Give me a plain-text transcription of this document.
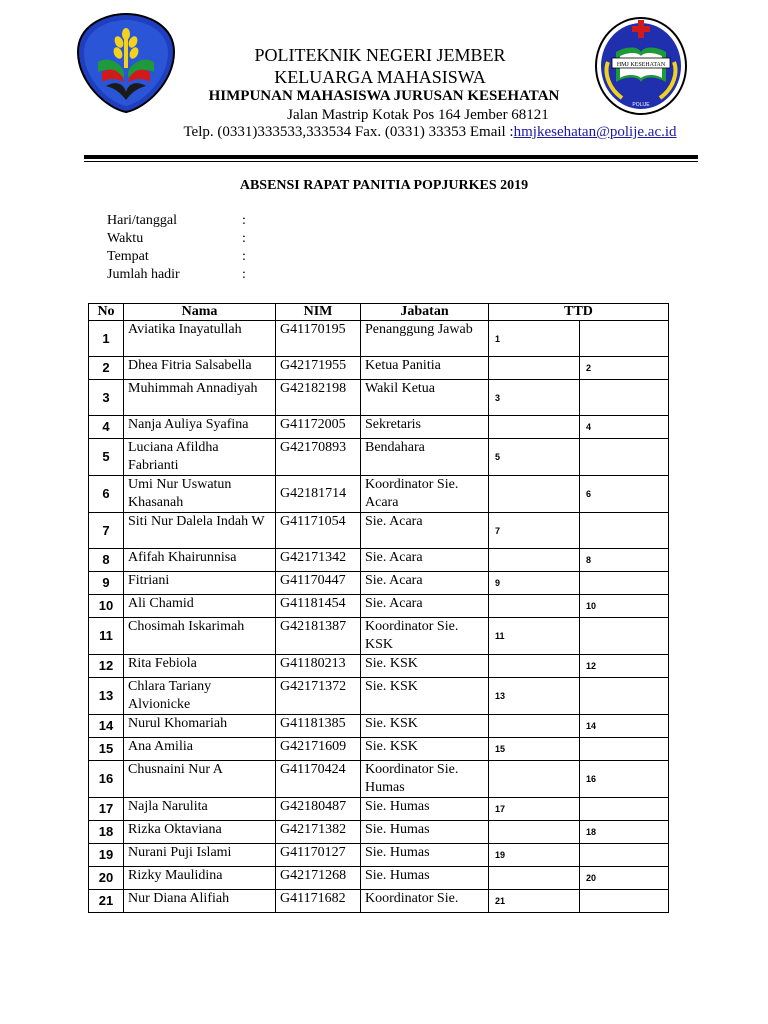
HMJ KESEHATAN
POLIJE
POLITEKNIK NEGERI JEMBER
KELUARGA MAHASISWA
HIMPUNAN MAHASISWA JURUSAN KESEHATAN
Jalan Mastrip Kotak Pos 164 Jember 68121
Telp. (0331)333533,333534 Fax. (0331) 33353 Email :hmjkesehatan@polije.ac.id
ABSENSI RAPAT PANITIA POPJURKES 2019
Hari/tanggal	:
Waktu	:
Tempat	:
Jumlah hadir	:
No	Nama	NIM	Jabatan	TTD	
1	Aviatika Inayatullah	G41170195	Penanggung Jawab	1	
2	Dhea Fitria Salsabella	G42171955	Ketua Panitia		2
3	Muhimmah Annadiyah	G42182198	Wakil Ketua	3	
4	Nanja Auliya Syafina	G41172005	Sekretaris		4
5	Luciana Afildha Fabrianti	G42170893	Bendahara	5	
6	Umi Nur Uswatun Khasanah	G42181714	Koordinator Sie. Acara		6
7	Siti Nur Dalela Indah W	G41171054	Sie. Acara	7	
8	Afifah Khairunnisa	G42171342	Sie. Acara		8
9	Fitriani	G41170447	Sie. Acara	9	
10	Ali Chamid	G41181454	Sie. Acara		10
11	Chosimah Iskarimah	G42181387	Koordinator Sie. KSK	11	
12	Rita Febiola	G41180213	Sie. KSK		12
13	Chlara Tariany Alvionicke	G42171372	Sie. KSK	13	
14	Nurul Khomariah	G41181385	Sie. KSK		14
15	Ana Amilia	G42171609	Sie. KSK	15	
16	Chusnaini Nur A	G41170424	Koordinator Sie. Humas		16
17	Najla Narulita	G42180487	Sie. Humas	17	
18	Rizka Oktaviana	G42171382	Sie. Humas		18
19	Nurani Puji Islami	G41170127	Sie. Humas	19	
20	Rizky Maulidina	G42171268	Sie. Humas		20
21	Nur Diana Alifiah	G41171682	Koordinator Sie.	21	
